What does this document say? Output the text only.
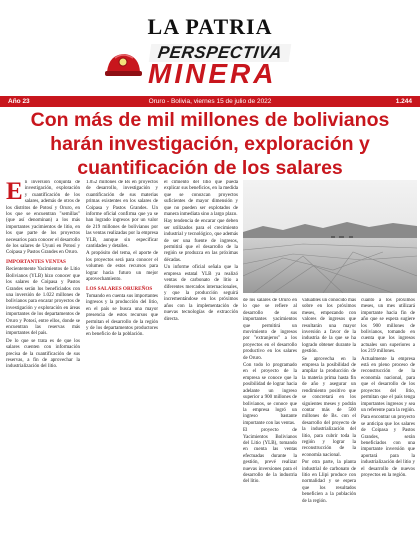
LA PATRIA
PERSPECTIVA
MINERA
Año 23	Oruro - Bolivia, viernes 15 de julio de 2022	1.244
Con más de mil millones de bolivianos
harán investigación, exploración y
cuantificación de los salares

En inversión conjunta de investigación, exploración y cuantificación de los salares, además de otros de los distritos de Potosí y Oruro, en los que se encuentran "semillas" (que así denominan) a los más importantes yacimientos de litio, en los que parte de los proyectos necesarios para conocer el desarrollo de los salares de Uyuni en Potosí y Coipasa y Pastos Grandes en Oruro.

IMPORTANTES VENTAS

Recientemente Yacimientos de Litio Bolivianos (YLB) hizo conocer que los salares de Coipasa y Pastos Grandes serán los beneficiados con una inversión de 1.022 millones de bolivianos para encarar proyectos de investigación y exploración en áreas importantes de los departamentos de Oruro y Potosí, entre ellos, donde se encuentran las reservas más importantes del país.

De lo que se trata es de que los salares cuenten con información precisa de la cuantificación de sus reservas, a fin de aprovechar la industrialización del litio.

1.052 millones de Bs en proyectos de desarrollo, investigación y cuantificación de sus materias primas existentes en los salares de Coipasa y Pastos Grandes. Un informe oficial confirma que ya se han logrado ingresos por un valor de 219 millones de bolivianos por las ventas realizadas por la empresa YLB, aunque sin especificar cantidades y detalles.

A propósito del tema, el aporte de los proyectos será para conocer el volumen de estos recursos para lograr hacia futuro un mejor aprovechamiento.

LOS SALARES ORUREÑOS

Tomando en cuenta sus importantes ingresos y la producción del litio, en el país se busca una mayor presencia de estos recursos que permitan el desarrollo de la región y de los departamentos productores en beneficio de la población.

el cimiento del litio que pueda explicar sus beneficios, en la medida que se conozcan proyectos suficientes de mayor dimensión y que no pueden ser explotados de manera inmediata sino a largo plazo.

Hay tendencia de encarar que deben ser utilizados para el crecimiento industrial y tecnológico, que además de ser una fuente de ingresos, permitirá que el desarrollo de la región se produzca en las próximas décadas.

Un informe oficial señala que la empresa estatal YLB ya realizó ventas de carbonato de litio a diferentes mercados internacionales, y que la producción seguirá incrementándose en los próximos años con la implementación de nuevas tecnologías de extracción directa.

de los salares de Oruro en lo que se refiere al desarrollo de sus importantes yacimientos que permitirá un movimiento de ingresos por "extranjeros" a los proyectos en el desarrollo productivo en los salares de Oruro.

Con todo lo programado en el proyecto de la empresa se conoce que la posibilidad de lograr hacia adelante un ingreso superior a 900 millones de bolivianos, se conoce que la empresa logró un ingreso bastante importante con las ventas.

El proyecto de Yacimientos Bolivianos del Litio (YLB), tomando en cuenta las ventas efectuadas durante la gestión, prevé realizar nuevas inversiones para el desarrollo de la industria del litio.

valuables un conocido más sobre en los próximos meses, empezando con valores de ingresos que resultarán una mayor inversión a favor de la industria de la que se ha logrado obtener durante la gestión.

Se aprovecha en la empresa la posibilidad de ampliar la producción de la materia prima hasta fin de año y asegurar un rendimiento positivo que se concretará en los siguientes meses y podrán contar más de 500 millones de Bs. con el desarrollo del proyecto de la industrialización del litio, para cubrir toda la región y lograr la reconstrucción de la economía nacional.

Por otra parte, la planta industrial de carbonato de litio en Llipi produce con normalidad y se espera que los resultados beneficien a la población de la región.

cuanto a los próximos meses, un mes utilizará importante hacia fin de año que se espera sugiere los 900 millones de bolivianos, tomando en cuenta que los ingresos actuales son superiores a los 219 millones.

Actualmente la empresa está en pleno proceso de reconstrucción de la economía nacional, para que el desarrollo de los proyectos del litio, permitan que el país tenga importantes ingresos y sea un referente para la región.

Para encontrar un proyecto se anticipa que los salares de Coipasa y Pastos Grandes, serán beneficiados con una importante inversión que aportará para la industrialización del litio y el desarrollo de nuevos proyectos en la región.
